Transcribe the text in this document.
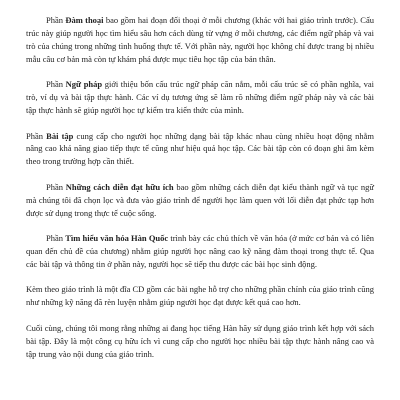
Phần Đàm thoại bao gồm hai đoạn đối thoại ở mỗi chương (khác với hai giáo trình trước). Cấu trúc này giúp người học tìm hiểu sâu hơn cách dùng từ vựng ở mỗi chương, các điểm ngữ pháp và vai trò của chúng trong những tình huống thực tế. Với phần này, người học không chỉ được trang bị nhiều mẫu câu cơ bản mà còn tự khám phá được mục tiêu học tập của bản thân.

Phần Ngữ pháp giới thiệu bốn cấu trúc ngữ pháp căn nắm, mỗi cấu trúc sẽ có phần nghĩa, vai trò, ví dụ và bài tập thực hành. Các ví dụ tương ứng sẽ làm rõ những điểm ngữ pháp này và các bài tập thực hành sẽ giúp người học tự kiểm tra kiến thức của mình.

Phần Bài tập cung cấp cho người học những dạng bài tập khác nhau cùng nhiều hoạt động nhằm nâng cao khả năng giao tiếp thực tế cũng như hiệu quả học tập. Các bài tập còn có đoạn ghi âm kèm theo trong trường hợp cần thiết.

Phần Những cách diễn đạt hữu ích bao gồm những cách diễn đạt kiểu thành ngữ và tục ngữ mà chúng tôi đã chọn lọc và đưa vào giáo trình để người học làm quen với lối diễn đạt phức tạp hơn được sử dụng trong thực tế cuộc sống.

Phần Tìm hiểu văn hóa Hàn Quốc trình bày các chủ thích về văn hóa (ở mức cơ bản và có liên quan đến chủ đề của chương) nhằm giúp người học nâng cao kỹ năng đàm thoại trong thực tế. Qua các bài tập và thông tin ở phần này, người học sẽ tiếp thu được các bài học sinh động.

Kèm theo giáo trình là một đĩa CD gồm các bài nghe hỗ trợ cho những phần chính của giáo trình cũng như những kỹ năng đã rèn luyện nhằm giúp người học đạt được kết quả cao hơn.

Cuối cùng, chúng tôi mong rằng những ai đang học tiếng Hàn hãy sử dụng giáo trình kết hợp với sách bài tập. Đây là một công cụ hữu ích vì cung cấp cho người học nhiều bài tập thực hành nâng cao và tập trung vào nội dung của giáo trình.
